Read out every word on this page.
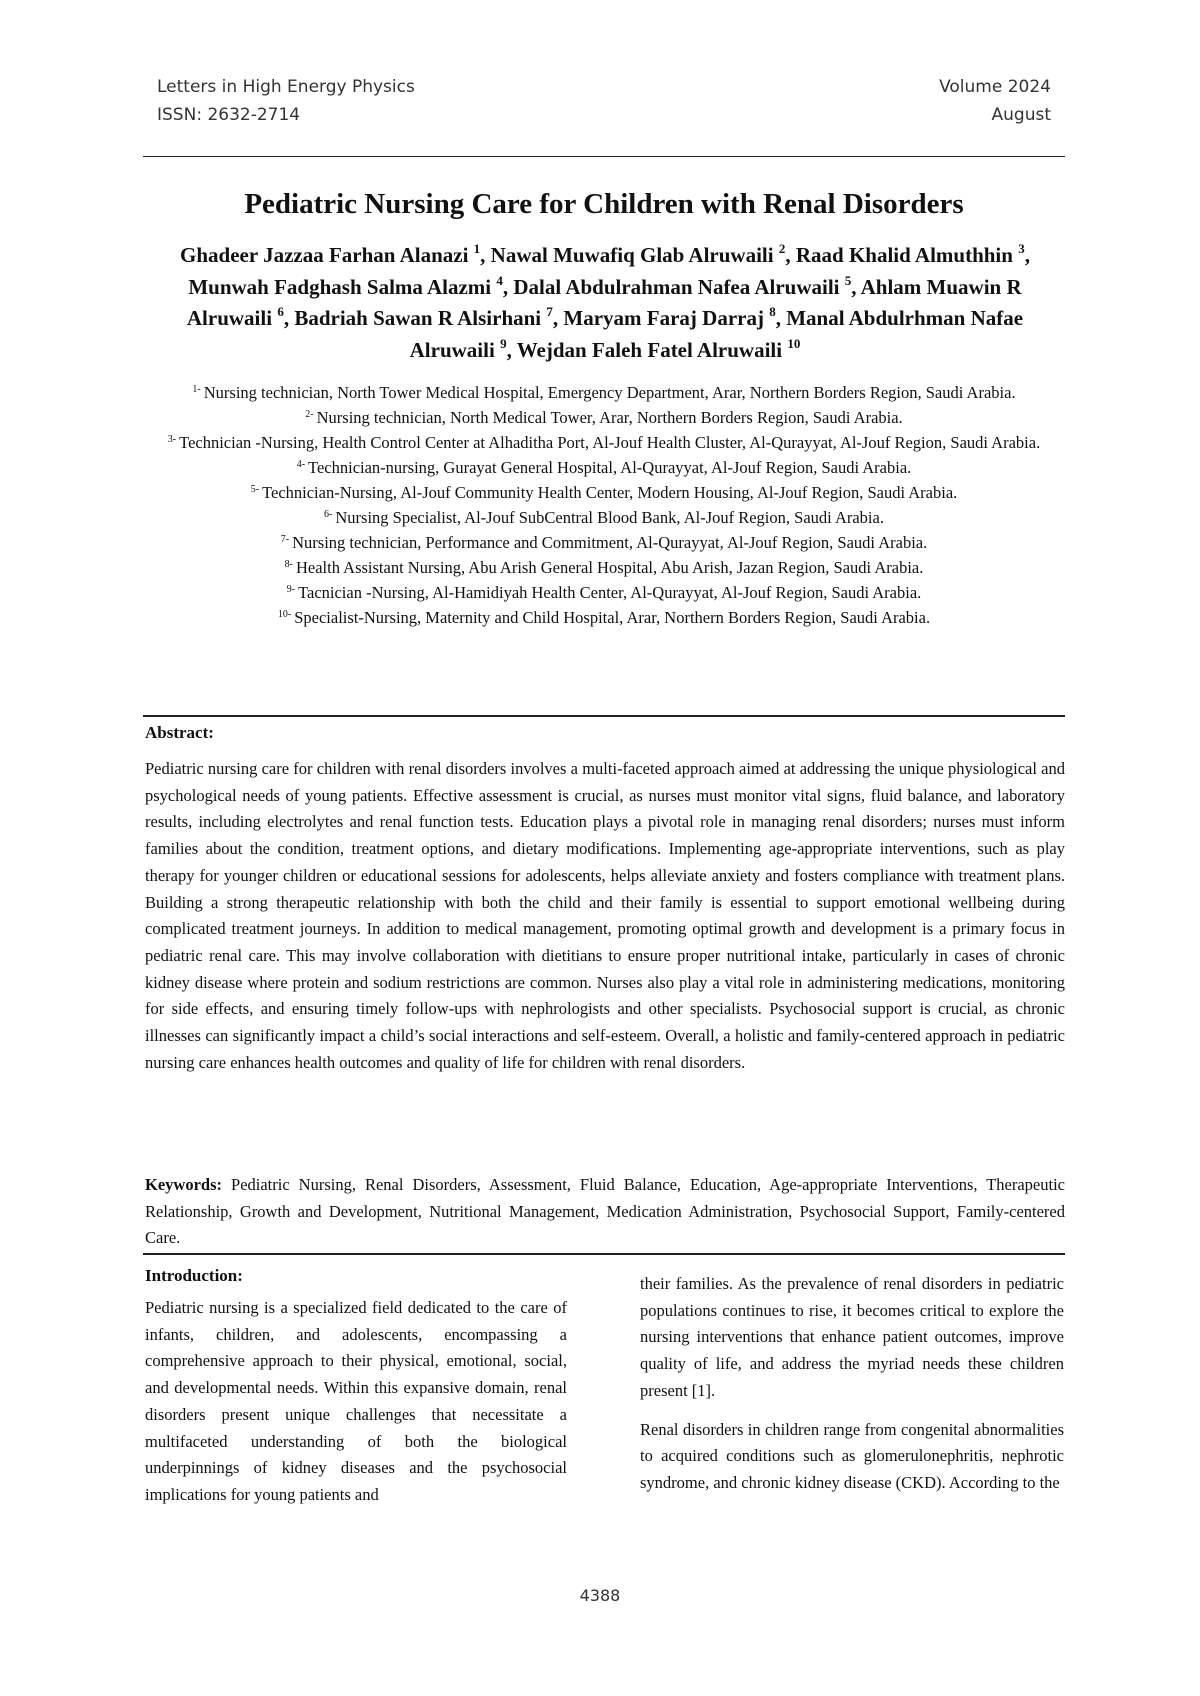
Letters in High Energy Physics
ISSN: 2632-2714
Volume 2024
August
Pediatric Nursing Care for Children with Renal Disorders
Ghadeer Jazzaa Farhan Alanazi $^1$, Nawal Muwafiq Glab Alruwaili $^2$, Raad Khalid Almuthhin $^3$, Munwah Fadghash Salma Alazmi $^4$, Dalal Abdulrahman Nafea Alruwaili $^5$, Ahlam Muawin R Alruwaili $^6$, Badriah Sawan R Alsirhani $^7$, Maryam Faraj Darraj $^8$, Manal Abdulrhman Nafae Alruwaili $^9$, Wejdan Faleh Fatel Alruwaili $^{10}$

$^{1-}$ Nursing technician, North Tower Medical Hospital, Emergency Department, Arar, Northern Borders Region, Saudi Arabia.

$^{2-}$ Nursing technician, North Medical Tower, Arar, Northern Borders Region, Saudi Arabia.

$^{3-}$ Technician -Nursing, Health Control Center at Alhaditha Port, Al-Jouf Health Cluster, Al-Qurayyat, Al-Jouf Region, Saudi Arabia.

$^{4-}$ Technician-nursing, Gurayat General Hospital, Al-Qurayyat, Al-Jouf Region, Saudi Arabia.

$^{5-}$ Technician-Nursing, Al-Jouf Community Health Center, Modern Housing, Al-Jouf Region, Saudi Arabia.

$^{6-}$ Nursing Specialist, Al-Jouf SubCentral Blood Bank, Al-Jouf Region, Saudi Arabia.

$^{7-}$ Nursing technician, Performance and Commitment, Al-Qurayyat, Al-Jouf Region, Saudi Arabia.

$^{8-}$ Health Assistant Nursing, Abu Arish General Hospital, Abu Arish, Jazan Region, Saudi Arabia.

$^{9-}$ Tacnician -Nursing, Al-Hamidiyah Health Center, Al-Qurayyat, Al-Jouf Region, Saudi Arabia.

$^{10-}$ Specialist-Nursing, Maternity and Child Hospital, Arar, Northern Borders Region, Saudi Arabia.

Abstract:

Pediatric nursing care for children with renal disorders involves a multi-faceted approach aimed at addressing the unique physiological and psychological needs of young patients. Effective assessment is crucial, as nurses must monitor vital signs, fluid balance, and laboratory results, including electrolytes and renal function tests. Education plays a pivotal role in managing renal disorders; nurses must inform families about the condition, treatment options, and dietary modifications. Implementing age-appropriate interventions, such as play therapy for younger children or educational sessions for adolescents, helps alleviate anxiety and fosters compliance with treatment plans. Building a strong therapeutic relationship with both the child and their family is essential to support emotional wellbeing during complicated treatment journeys. In addition to medical management, promoting optimal growth and development is a primary focus in pediatric renal care. This may involve collaboration with dietitians to ensure proper nutritional intake, particularly in cases of chronic kidney disease where protein and sodium restrictions are common. Nurses also play a vital role in administering medications, monitoring for side effects, and ensuring timely follow-ups with nephrologists and other specialists. Psychosocial support is crucial, as chronic illnesses can significantly impact a child’s social interactions and self-esteem. Overall, a holistic and family-centered approach in pediatric nursing care enhances health outcomes and quality of life for children with renal disorders.

Keywords: Pediatric Nursing, Renal Disorders, Assessment, Fluid Balance, Education, Age-appropriate Interventions, Therapeutic Relationship, Growth and Development, Nutritional Management, Medication Administration, Psychosocial Support, Family-centered Care.

Introduction:

Pediatric nursing is a specialized field dedicated to the care of infants, children, and adolescents, encompassing a comprehensive approach to their physical, emotional, social, and developmental needs. Within this expansive domain, renal disorders present unique challenges that necessitate a multifaceted understanding of both the biological underpinnings of kidney diseases and the psychosocial implications for young patients and

their families. As the prevalence of renal disorders in pediatric populations continues to rise, it becomes critical to explore the nursing interventions that enhance patient outcomes, improve quality of life, and address the myriad needs these children present [1].

Renal disorders in children range from congenital abnormalities to acquired conditions such as glomerulonephritis, nephrotic syndrome, and chronic kidney disease (CKD). According to the

4388
